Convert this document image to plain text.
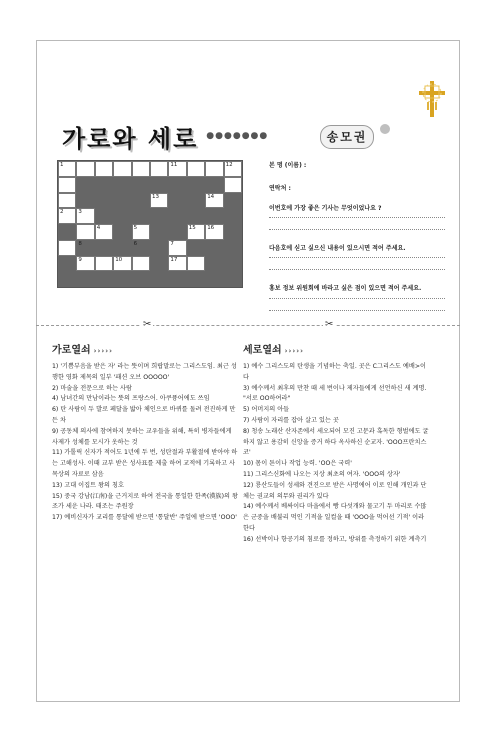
가로와 세로 ●●●●●●●	송모권
1	11	12
13	14
2	3
4	5	15 16
8	6	7
9	10	17
본 명 (이름) :
연락처 :
이번호에 가장 좋은 기사는 무엇이었나요 ?
다음호에 싣고 싶으신 내용이 있으시면 적어 주세요.
홍보 정보 위원회에 바라고 싶은 점이 있으면 적어 주세요.
✂	✂
가로열쇠 ›››››	세로열쇠 ›››››

1) '기쁨부음을 받은 자' 라는 뜻이며 희랍말로는 그리스도임. 최근 성행한 영화 제목의 일부 '패션 오브 OOOOO'

2) 마술을 전문으로 하는 사람

4) 남녀간의 만남이라는 뜻의 프랑스어. 아쿠퓽어에도 쓰임

6) 탄 사람이 두 발로 페달을 밟아 체인으로 바퀴를 돌려 전진하게 만든 차

9) 공동체 의사에 참여하지 못하는 교우들을 위해, 특히 병자들에게 사제가 성체를 모시가 옷하는 것

11) 가톨릭 신자가 적어도 1년에 두 번, 성탄절과 부활절에 받아야 하는 고해성사. 이때 교부 받은 성사표를 제출 하여 교적에 기록하고 사목상의 자료로 삼음

13) 고대 이집트 왕의 칭호

15) 중국 강남(江南)을 근거지로 하여 전국을 통일한 한족(漢族)의 왕조가 세운 나라. 태조는 주원장

17) 예비신자가 교리를 통달에 받으면 '통달반' 주일에 받으면 'OOO'

1) 예수 그리스도의 탄생을 기념하는 축일. 곳은 C그리스도 예배>이다

3) 예수께서 최후의 만찬 때 세 번이나 제자들에게 선언하신 새 계명. "서로 OO하여라"

5) 어머지의 아들

7) 사람이 자리를 잡아 살고 있는 곳

8) 청송 노래산 산자존에서 세오되어 모진 고문과 혹독한 형벌에도 굴하지 않고 용감히 신앙을 증거 하다 옥사하신 순교자. 'OOO프란치스코'

10) 몸이 튼이나 작업 능력. 'OO은 국력'

11) 그리스신화에 나오는 지상 최초의 여자. 'OOO의 상자'

12) 룡산도들이 성세와 견진으로 받은 사명에어 이로 인해 개인과 단체는 권교의 의무와 권리가 있다

14) 예수께서 베싸이다 마을에서 빵 다섯개와 물고기 두 마리로 수많은 군중을 배불리 먹인 기적을 일컬을 때 'OOO을 먹어선 기적' 이라 한다

16) 선박이나 항공기의 침로를 정하고, 방위를 측정하기 위한 계측기
